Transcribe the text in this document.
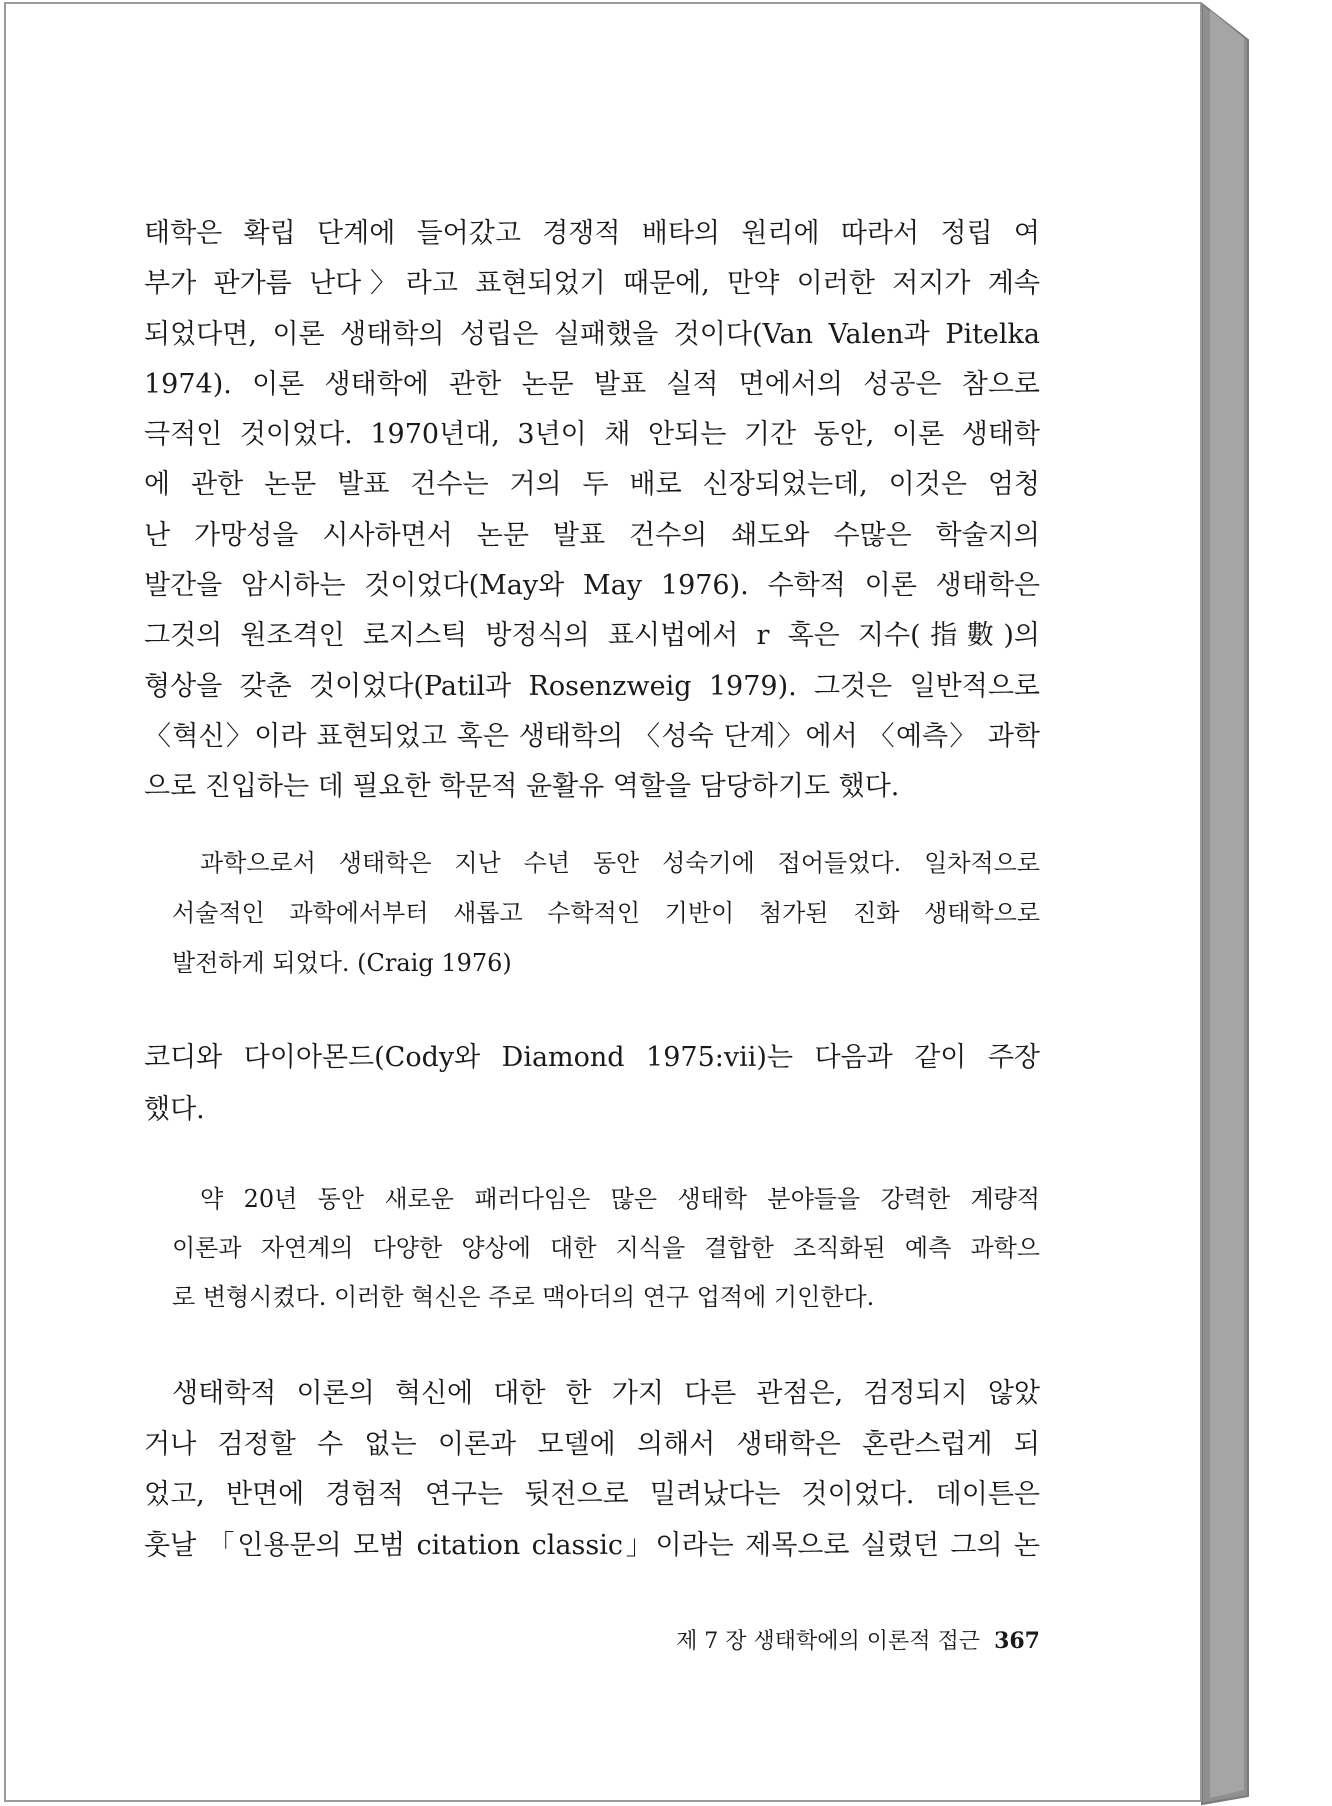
태학은 확립 단계에 들어갔고 경쟁적 배타의 원리에 따라서 정립 여
부가 판가름 난다〉라고 표현되었기 때문에, 만약 이러한 저지가 계속
되었다면, 이론 생태학의 성립은 실패했을 것이다(Van Valen과 Pitelka
1974). 이론 생태학에 관한 논문 발표 실적 면에서의 성공은 참으로
극적인 것이었다. 1970년대, 3년이 채 안되는 기간 동안, 이론 생태학
에 관한 논문 발표 건수는 거의 두 배로 신장되었는데, 이것은 엄청
난 가망성을 시사하면서 논문 발표 건수의 쇄도와 수많은 학술지의
발간을 암시하는 것이었다(May와 May 1976). 수학적 이론 생태학은
그것의 원조격인 로지스틱 방정식의 표시법에서 r 혹은 지수(指數)의
형상을 갖춘 것이었다(Patil과 Rosenzweig 1979). 그것은 일반적으로
〈혁신〉이라 표현되었고 혹은 생태학의 〈성숙 단계〉에서 〈예측〉 과학
으로 진입하는 데 필요한 학문적 윤활유 역할을 담당하기도 했다.
과학으로서 생태학은 지난 수년 동안 성숙기에 접어들었다. 일차적으로
서술적인 과학에서부터 새롭고 수학적인 기반이 첨가된 진화 생태학으로
발전하게 되었다. (Craig 1976)
코디와 다이아몬드(Cody와 Diamond 1975:vii)는 다음과 같이 주장
했다.
약 20년 동안 새로운 패러다임은 많은 생태학 분야들을 강력한 계량적
이론과 자연계의 다양한 양상에 대한 지식을 결합한 조직화된 예측 과학으
로 변형시켰다. 이러한 혁신은 주로 맥아더의 연구 업적에 기인한다.
생태학적 이론의 혁신에 대한 한 가지 다른 관점은, 검정되지 않았
거나 검정할 수 없는 이론과 모델에 의해서 생태학은 혼란스럽게 되
었고, 반면에 경험적 연구는 뒷전으로 밀려났다는 것이었다. 데이튼은
훗날 「인용문의 모범 citation classic」이라는 제목으로 실렸던 그의 논
제 7 장 생태학에의 이론적 접근 367
